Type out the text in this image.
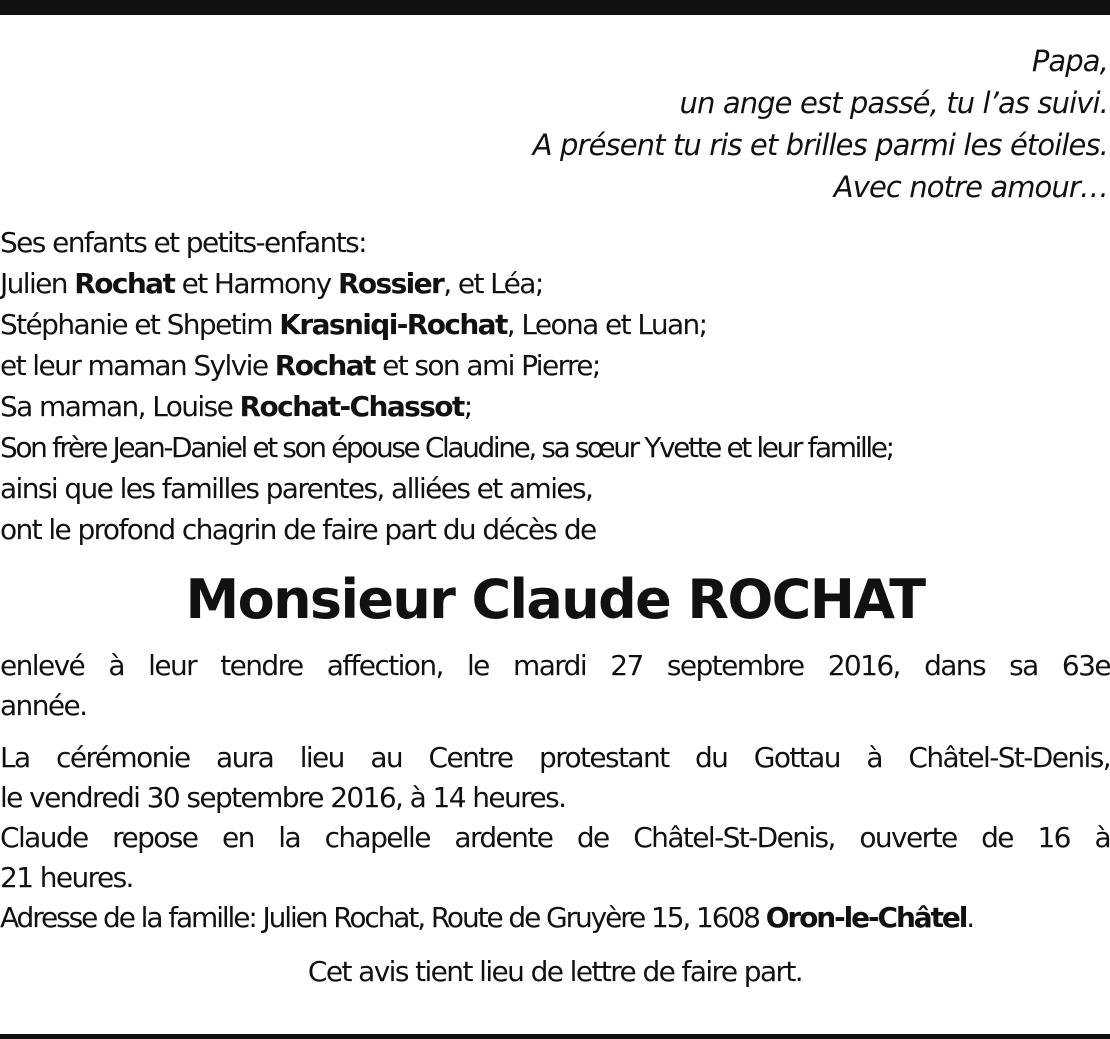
Papa,
un ange est passé, tu l’as suivi.
A présent tu ris et brilles parmi les étoiles.
Avec notre amour…
Ses enfants et petits-enfants:
Julien Rochat et Harmony Rossier, et Léa;
Stéphanie et Shpetim Krasniqi-Rochat, Leona et Luan;
et leur maman Sylvie Rochat et son ami Pierre;
Sa maman, Louise Rochat-Chassot;
Son frère Jean-Daniel et son épouse Claudine, sa sœur Yvette et leur famille;
ainsi que les familles parentes, alliées et amies,
ont le profond chagrin de faire part du décès de
Monsieur Claude ROCHAT
enlevé à leur tendre affection, le mardi 27 septembre 2016, dans sa 63e
année.
La cérémonie aura lieu au Centre protestant du Gottau à Châtel-St-Denis,
le vendredi 30 septembre 2016, à 14 heures.
Claude repose en la chapelle ardente de Châtel-St-Denis, ouverte de 16 à
21 heures.
Adresse de la famille: Julien Rochat, Route de Gruyère 15, 1608 Oron-le-Châtel.
Cet avis tient lieu de lettre de faire part.
